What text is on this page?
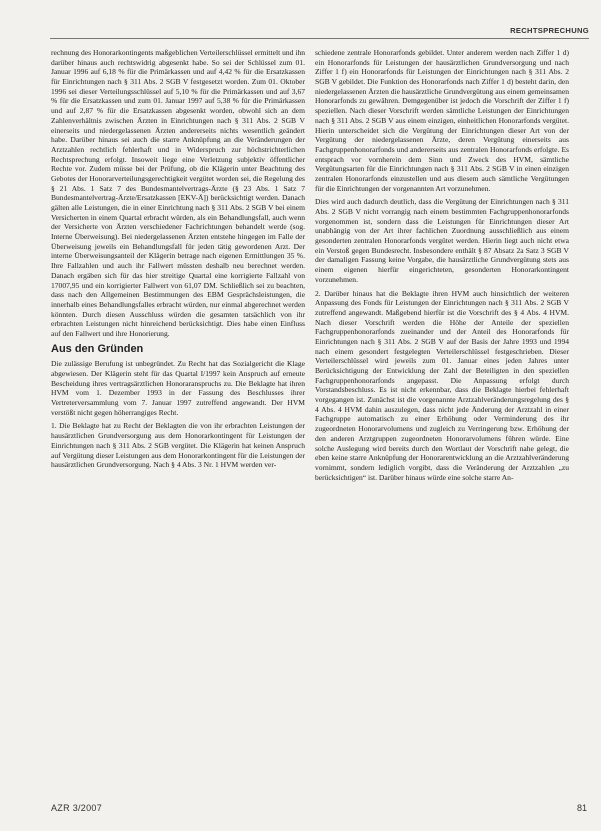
RECHTSPRECHUNG

rechnung des Honorarkontingents maßgeblichen Verteilerschlüssel ermittelt und ihn darüber hinaus auch rechtswidrig abgesenkt habe. So sei der Schlüssel zum 01. Januar 1996 auf 6,18 % für die Primärkassen und auf 4,42 % für die Ersatzkassen für Einrichtungen nach § 311 Abs. 2 SGB V festgesetzt worden. Zum 01. Oktober 1996 sei dieser Verteilungsschlüssel auf 5,10 % für die Primärkassen und auf 3,67 % für die Ersatzkassen und zum 01. Januar 1997 auf 5,38 % für die Primärkassen und auf 2,87 % für die Ersatzkassen abgesenkt worden, obwohl sich an dem Zahlenverhältnis zwischen Ärzten in Einrichtungen nach § 311 Abs. 2 SGB V einerseits und niedergelassenen Ärzten andererseits nichts wesentlich geändert habe. Darüber hinaus sei auch die starre Anknüpfung an die Veränderungen der Arztzahlen rechtlich fehlerhaft und in Widerspruch zur höchstrichterlichen Rechtsprechung erfolgt. Insoweit liege eine Verletzung subjektiv öffentlicher Rechte vor. Zudem müsse bei der Prüfung, ob die Klägerin unter Beachtung des Gebotes der Honorarverteilungsgerechtigkeit vergütet worden sei, die Regelung des § 21 Abs. 1 Satz 7 des Bundesmantelvertrags-Ärzte (§ 23 Abs. 1 Satz 7 Bundesmantelvertrag-Ärzte/Ersatzkassen [EKV-Ä]) berücksichtigt werden. Danach gälten alle Leistungen, die in einer Einrichtung nach § 311 Abs. 2 SGB V bei einem Versicherten in einem Quartal erbracht würden, als ein Behandlungsfall, auch wenn der Versicherte von Ärzten verschiedener Fachrichtungen behandelt werde (sog. Interne Überweisung). Bei niedergelassenen Ärzten entstehe hingegen im Falle der Überweisung jeweils ein Behandlungsfall für jeden tätig gewordenen Arzt. Der interne Überweisungsanteil der Klägerin betrage nach eigenen Ermittlungen 35 %. Ihre Fallzahlen und auch ihr Fallwert müssten deshalb neu berechnet werden. Danach ergäben sich für das hier streitige Quartal eine korrigierte Fallzahl von 17007,95 und ein korrigierter Fallwert von 61,07 DM. Schließlich sei zu beachten, dass nach den Allgemeinen Bestimmungen des EBM Gesprächsleistungen, die innerhalb eines Behandlungsfalles erbracht würden, nur einmal abgerechnet werden könnten. Durch diesen Ausschluss würden die gesamten tatsächlich von ihr erbrachten Leistungen nicht hinreichend berücksichtigt. Dies habe einen Einfluss auf den Fallwert und ihre Honorierung.

Aus den Gründen

Die zulässige Berufung ist unbegründet. Zu Recht hat das Sozialgericht die Klage abgewiesen. Der Klägerin steht für das Quartal I/1997 kein Anspruch auf erneute Bescheidung ihres vertragsärztlichen Honoraranspruchs zu. Die Beklagte hat ihren HVM vom 1. Dezember 1993 in der Fassung des Beschlusses ihrer Vertreterversammlung vom 7. Januar 1997 zutreffend angewandt. Der HVM verstößt nicht gegen höherrangiges Recht.

1. Die Beklagte hat zu Recht der Beklagten die von ihr erbrachten Leistungen der hausärztlichen Grundversorgung aus dem Honorarkontingent für Leistungen der Einrichtungen nach § 311 Abs. 2 SGB vergütet. Die Klägerin hat keinen Anspruch auf Vergütung dieser Leistungen aus dem Honorarkontingent für die Leistungen der hausärztlichen Grundversorgung. Nach § 4 Abs. 3 Nr. 1 HVM werden ver-

schiedene zentrale Honorarfonds gebildet. Unter anderem werden nach Ziffer 1 d) ein Honorarfonds für Leistungen der hausärztlichen Grundversorgung und nach Ziffer 1 f) ein Honorarfonds für Leistungen der Einrichtungen nach § 311 Abs. 2 SGB V gebildet. Die Funktion des Honorarfonds nach Ziffer 1 d) besteht darin, den niedergelassenen Ärzten die hausärztliche Grundvergütung aus einem gemeinsamen Honorarfonds zu gewähren. Demgegenüber ist jedoch die Vorschrift der Ziffer 1 f) speziellen. Nach dieser Vorschrift werden sämtliche Leistungen der Einrichtungen nach § 311 Abs. 2 SGB V aus einem einzigen, einheitlichen Honorarfonds vergütet. Hierin unterscheidet sich die Vergütung der Einrichtungen dieser Art von der Vergütung der niedergelassenen Ärzte, deren Vergütung einerseits aus Fachgruppenhonorarfonds und andererseits aus zentralen Honorarfonds erfolgte. Es entsprach vor vornherein dem Sinn und Zweck des HVM, sämtliche Vergütungsarten für die Einrichtungen nach § 311 Abs. 2 SGB V in einen einzigen zentralen Honorarfonds einzustellen und aus diesem auch sämtliche Vergütungen für die Einrichtungen der vorgenannten Art vorzunehmen.

Dies wird auch dadurch deutlich, dass die Vergütung der Einrichtungen nach § 311 Abs. 2 SGB V nicht vorrangig nach einem bestimmten Fachgruppenhonorarfonds vorgenommen ist, sondern dass die Leistungen für Einrichtungen dieser Art unabhängig von der Art ihrer fachlichen Zuordnung ausschließlich aus einem gesonderten zentralen Honorarfonds vergütet werden. Hierin liegt auch nicht etwa ein Verstoß gegen Bundesrecht. Insbesondere enthält § 87 Absatz 2a Satz 3 SGB V der damaligen Fassung keine Vorgabe, die hausärztliche Grundvergütung stets aus einem eigenen hierfür eingerichteten, gesonderten Honorarkontingent vorzunehmen.

2. Darüber hinaus hat die Beklagte ihren HVM auch hinsichtlich der weiteren Anpassung des Fonds für Leistungen der Einrichtungen nach § 311 Abs. 2 SGB V zutreffend angewandt. Maßgebend hierfür ist die Vorschrift des § 4 Abs. 4 HVM. Nach dieser Vorschrift werden die Höhe der Anteile der speziellen Fachgruppenhonorarfonds zueinander und der Anteil des Honorarfonds für Einrichtungen nach § 311 Abs. 2 SGB V auf der Basis der Jahre 1993 und 1994 nach einem gesondert festgelegten Verteilerschlüssel festgeschrieben. Dieser Verteilerschlüssel wird jeweils zum 01. Januar eines jeden Jahres unter Berücksichtigung der Entwicklung der Zahl der Beteiligten in den speziellen Fachgruppenhonorarfonds angepasst. Die Anpassung erfolgt durch Vorstandsbeschluss. Es ist nicht erkennbar, dass die Beklagte hierbei fehlerhaft vorgegangen ist. Zunächst ist die vorgenannte Arztzahlveränderungsregelung des § 4 Abs. 4 HVM dahin auszulegen, dass nicht jede Änderung der Arztzahl in einer Fachgruppe automatisch zu einer Erhöhung oder Verminderung des ihr zugeordneten Honorarvolumens und zugleich zu Verringerung bzw. Erhöhung der den anderen Arztgruppen zugeordneten Honorarvolumens führen würde. Eine solche Auslegung wird bereits durch den Wortlaut der Vorschrift nahe gelegt, die eben keine starre Anknüpfung der Honorarentwicklung an die Arztzahlveränderung vornimmt, sondern lediglich vorgibt, dass die Veränderung der Arztzahlen „zu berücksichtigen“ ist. Darüber hinaus würde eine solche starre An-

AZR 3/2007	81
